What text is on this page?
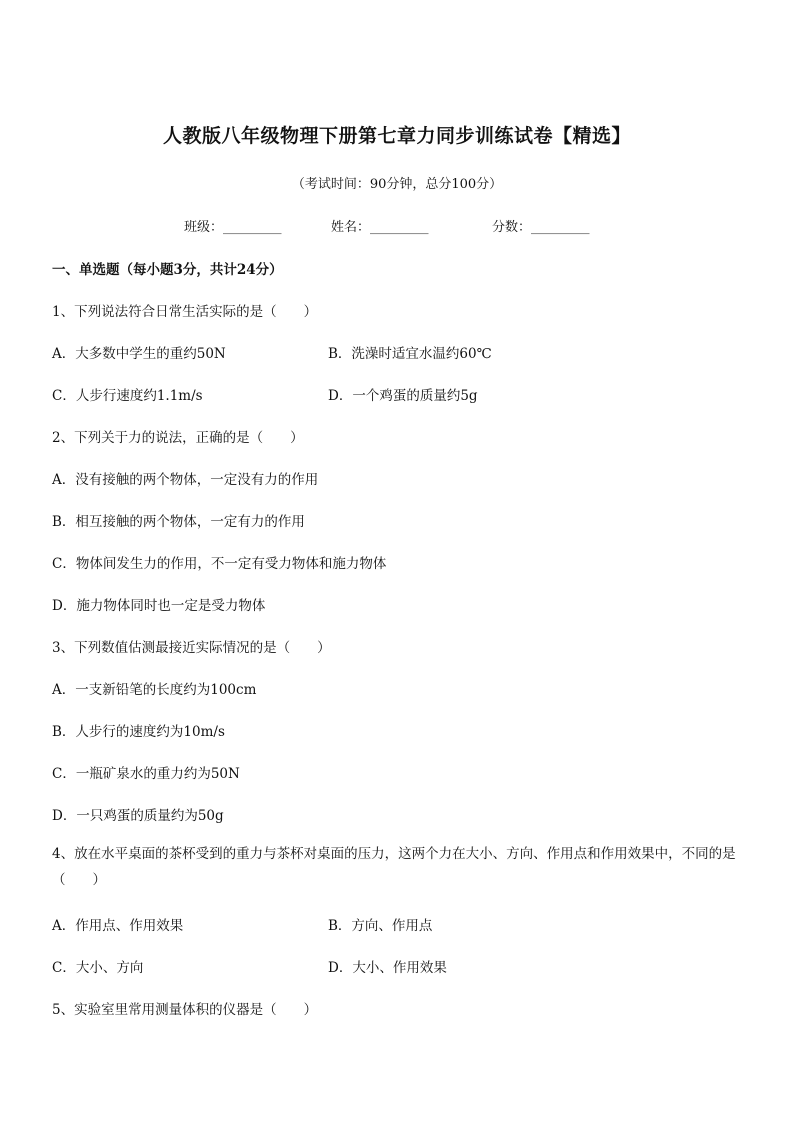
人教版八年级物理下册第七章力同步训练试卷【精选】
（考试时间：90分钟，总分100分）
班级：_________	姓名：_________	分数：_________
一、单选题（每小题3分，共计24分）
1、下列说法符合日常生活实际的是（　　）
A．大多数中学生的重约50N	B．洗澡时适宜水温约60℃
C．人步行速度约1.1m/s	D．一个鸡蛋的质量约5g
2、下列关于力的说法，正确的是（　　）
A．没有接触的两个物体，一定没有力的作用
B．相互接触的两个物体，一定有力的作用
C．物体间发生力的作用，不一定有受力物体和施力物体
D．施力物体同时也一定是受力物体
3、下列数值估测最接近实际情况的是（　　）
A．一支新铅笔的长度约为100cm
B．人步行的速度约为10m/s
C．一瓶矿泉水的重力约为50N
D．一只鸡蛋的质量约为50g
4、放在水平桌面的茶杯受到的重力与茶杯对桌面的压力，这两个力在大小、方向、作用点和作用效果中，不同的是（　　）
A．作用点、作用效果	B．方向、作用点
C．大小、方向	D．大小、作用效果
5、实验室里常用测量体积的仪器是（　　）
